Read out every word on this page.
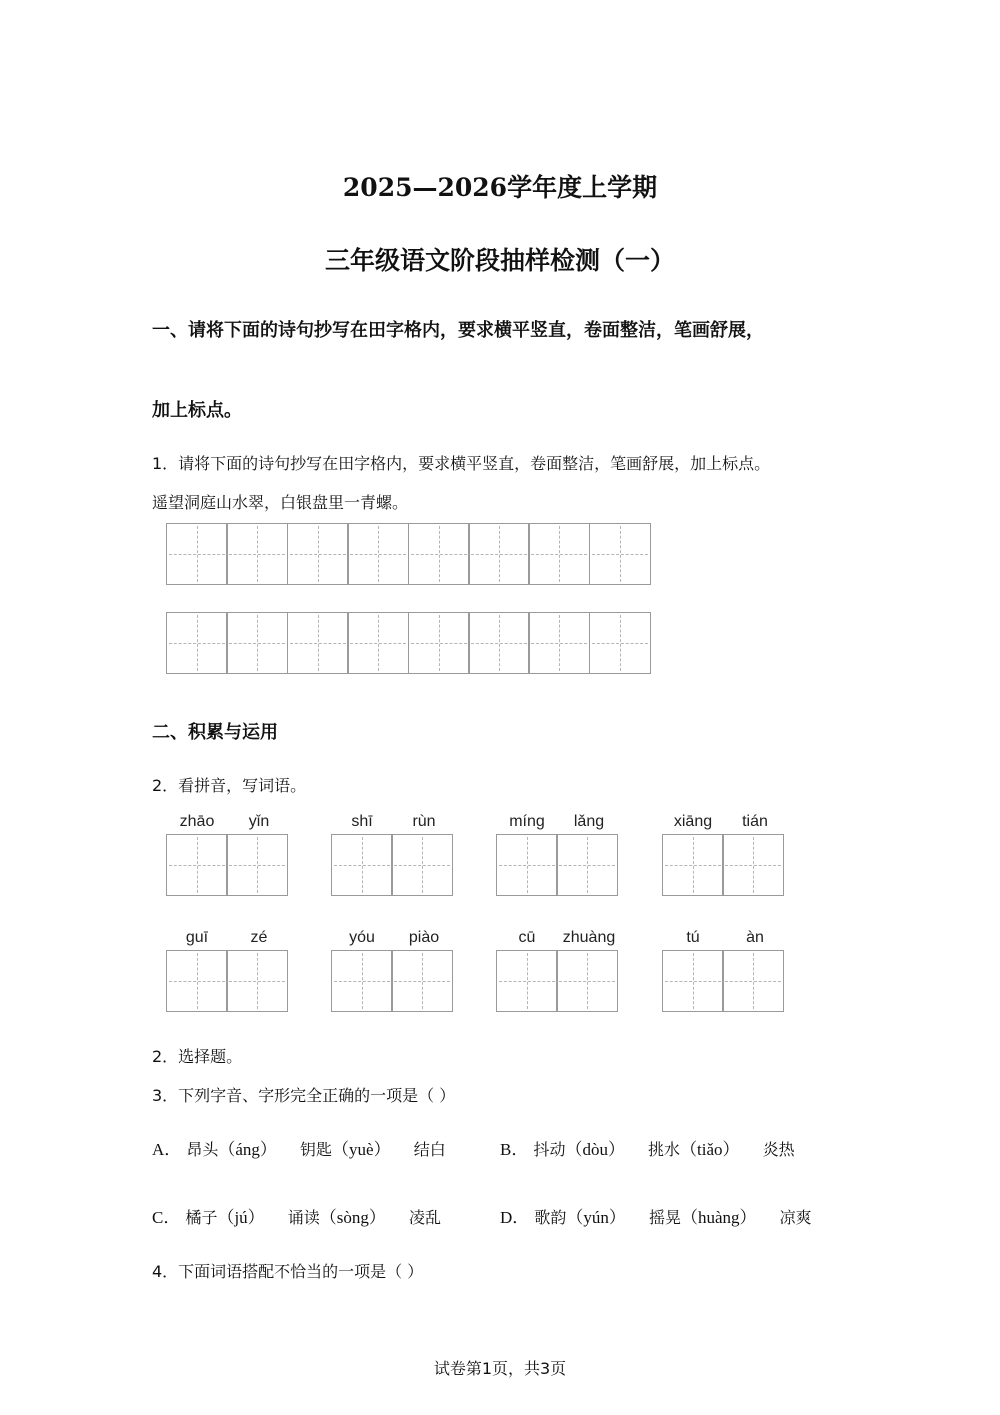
2025—2026学年度上学期
三年级语文阶段抽样检测（一）
一、请将下面的诗句抄写在田字格内，要求横平竖直，卷面整洁，笔画舒展，
加上标点。
1．请将下面的诗句抄写在田字格内，要求横平竖直，卷面整洁，笔画舒展，加上标点。
遥望洞庭山水翠，白银盘里一青螺。
二、积累与运用
2．看拼音，写词语。
zhāo	yǐn	shī	rùn	míng	lǎng	xiāng	tián
guī	zé	yóu	piào	cū	zhuàng	tú	àn
2．选择题。
3．下列字音、字形完全正确的一项是（ ）
A． 昂头（áng） 钥匙（yuè） 结白	B． 抖动（dòu） 挑水（tiǎo） 炎热
C． 橘子（jú） 诵读（sòng） 凌乱	D． 歌韵（yún） 摇晃（huàng） 凉爽
4．下面词语搭配不恰当的一项是（ ）
试卷第1页，共3页
